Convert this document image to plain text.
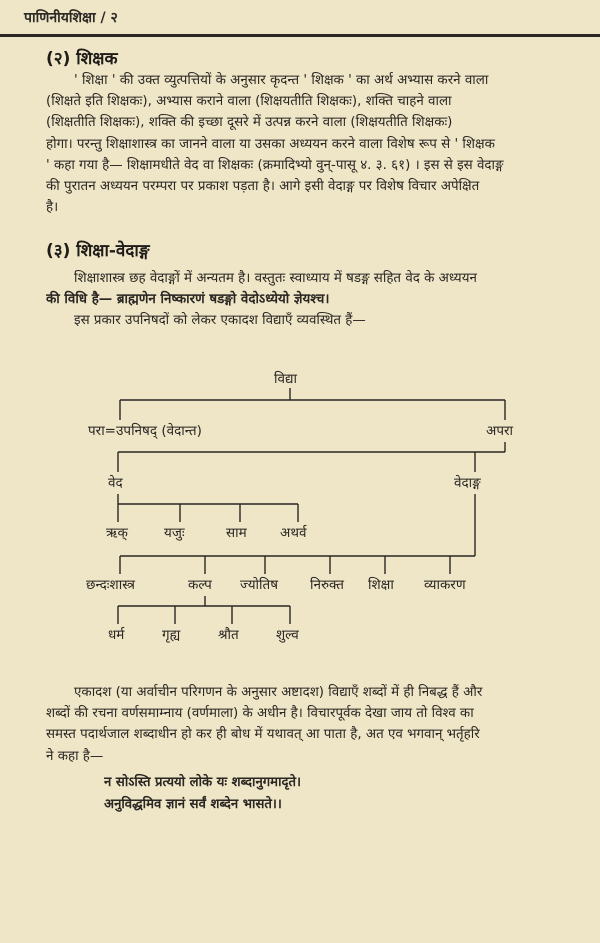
पाणिनीयशिक्षा / २
(२) शिक्षक
' शिक्षा ' की उक्त व्युत्पत्तियों के अनुसार कृदन्त ' शिक्षक ' का अर्थ अभ्यास करने वाला
(शिक्षते इति शिक्षकः), अभ्यास कराने वाला (शिक्षयतीति शिक्षकः), शक्ति चाहने वाला
(शिक्षतीति शिक्षकः), शक्ति की इच्छा दूसरे में उत्पन्न करने वाला (शिक्षयतीति शिक्षकः)
होगा। परन्तु शिक्षाशास्त्र का जानने वाला या उसका अध्ययन करने वाला विशेष रूप से ' शिक्षक
' कहा गया है— शिक्षामधीते वेद वा शिक्षकः (क्रमादिभ्यो वुन्-पासू ४. ३. ६१) । इस से इस वेदाङ्ग
की पुरातन अध्ययन परम्परा पर प्रकाश पड़ता है। आगे इसी वेदाङ्ग पर विशेष विचार अपेक्षित
है।
(३) शिक्षा-वेदाङ्ग
शिक्षाशास्त्र छह वेदाङ्गों में अन्यतम है। वस्तुतः स्वाध्याय में षडङ्ग सहित वेद के अध्ययन
की विधि है— ब्राह्मणेन निष्कारणं षडङ्गो वेदोऽध्येयो ज्ञेयश्च।
इस प्रकार उपनिषदों को लेकर एकादश विद्याएँ व्यवस्थित हैं—
विद्या
परा=उपनिषद् (वेदान्त)	अपरा
वेद	वेदाङ्ग
ऋक्	यजुः	साम अथर्व
छन्दःशास्त्र	कल्प ज्योतिष निरुक्त शिक्षा व्याकरण
धर्म	गृह्य	श्रौत	शुल्व
एकादश (या अर्वाचीन परिगणन के अनुसार अष्टादश) विद्याएँ शब्दों में ही निबद्ध हैं और
शब्दों की रचना वर्णसमाम्नाय (वर्णमाला) के अधीन है। विचारपूर्वक देखा जाय तो विश्व का
समस्त पदार्थजाल शब्दाधीन हो कर ही बोध में यथावत् आ पाता है, अत एव भगवान् भर्तृहरि
ने कहा है—
न सोऽस्ति प्रत्ययो लोके यः शब्दानुगमादृते।
अनुविद्धमिव ज्ञानं सर्वं शब्देन भासते।।
